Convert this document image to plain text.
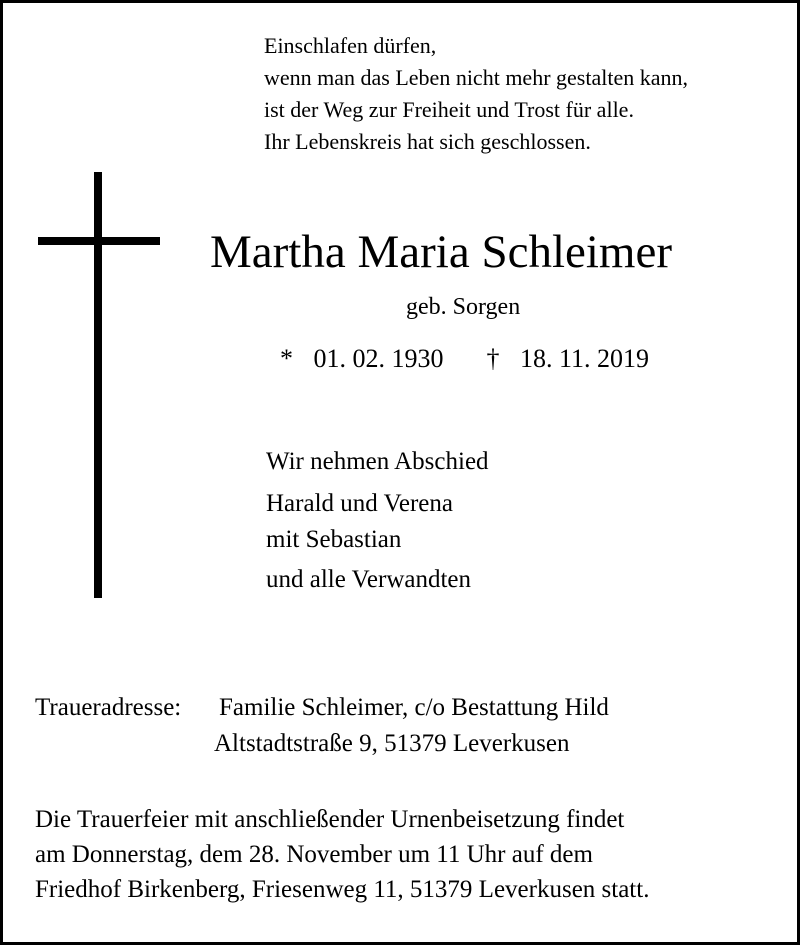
Einschlafen dürfen,
wenn man das Leben nicht mehr gestalten kann,
ist der Weg zur Freiheit und Trost für alle.
Ihr Lebenskreis hat sich geschlossen.
Martha Maria Schleimer
geb. Sorgen
* 01. 02. 1930 † 18. 11. 2019
Wir nehmen Abschied
Harald und Verena
mit Sebastian
und alle Verwandten
Traueradresse: Familie Schleimer, c/o Bestattung Hild
Altstadtstraße 9, 51379 Leverkusen
Die Trauerfeier mit anschließender Urnenbeisetzung findet
am Donnerstag, dem 28. November um 11 Uhr auf dem
Friedhof Birkenberg, Friesenweg 11, 51379 Leverkusen statt.
